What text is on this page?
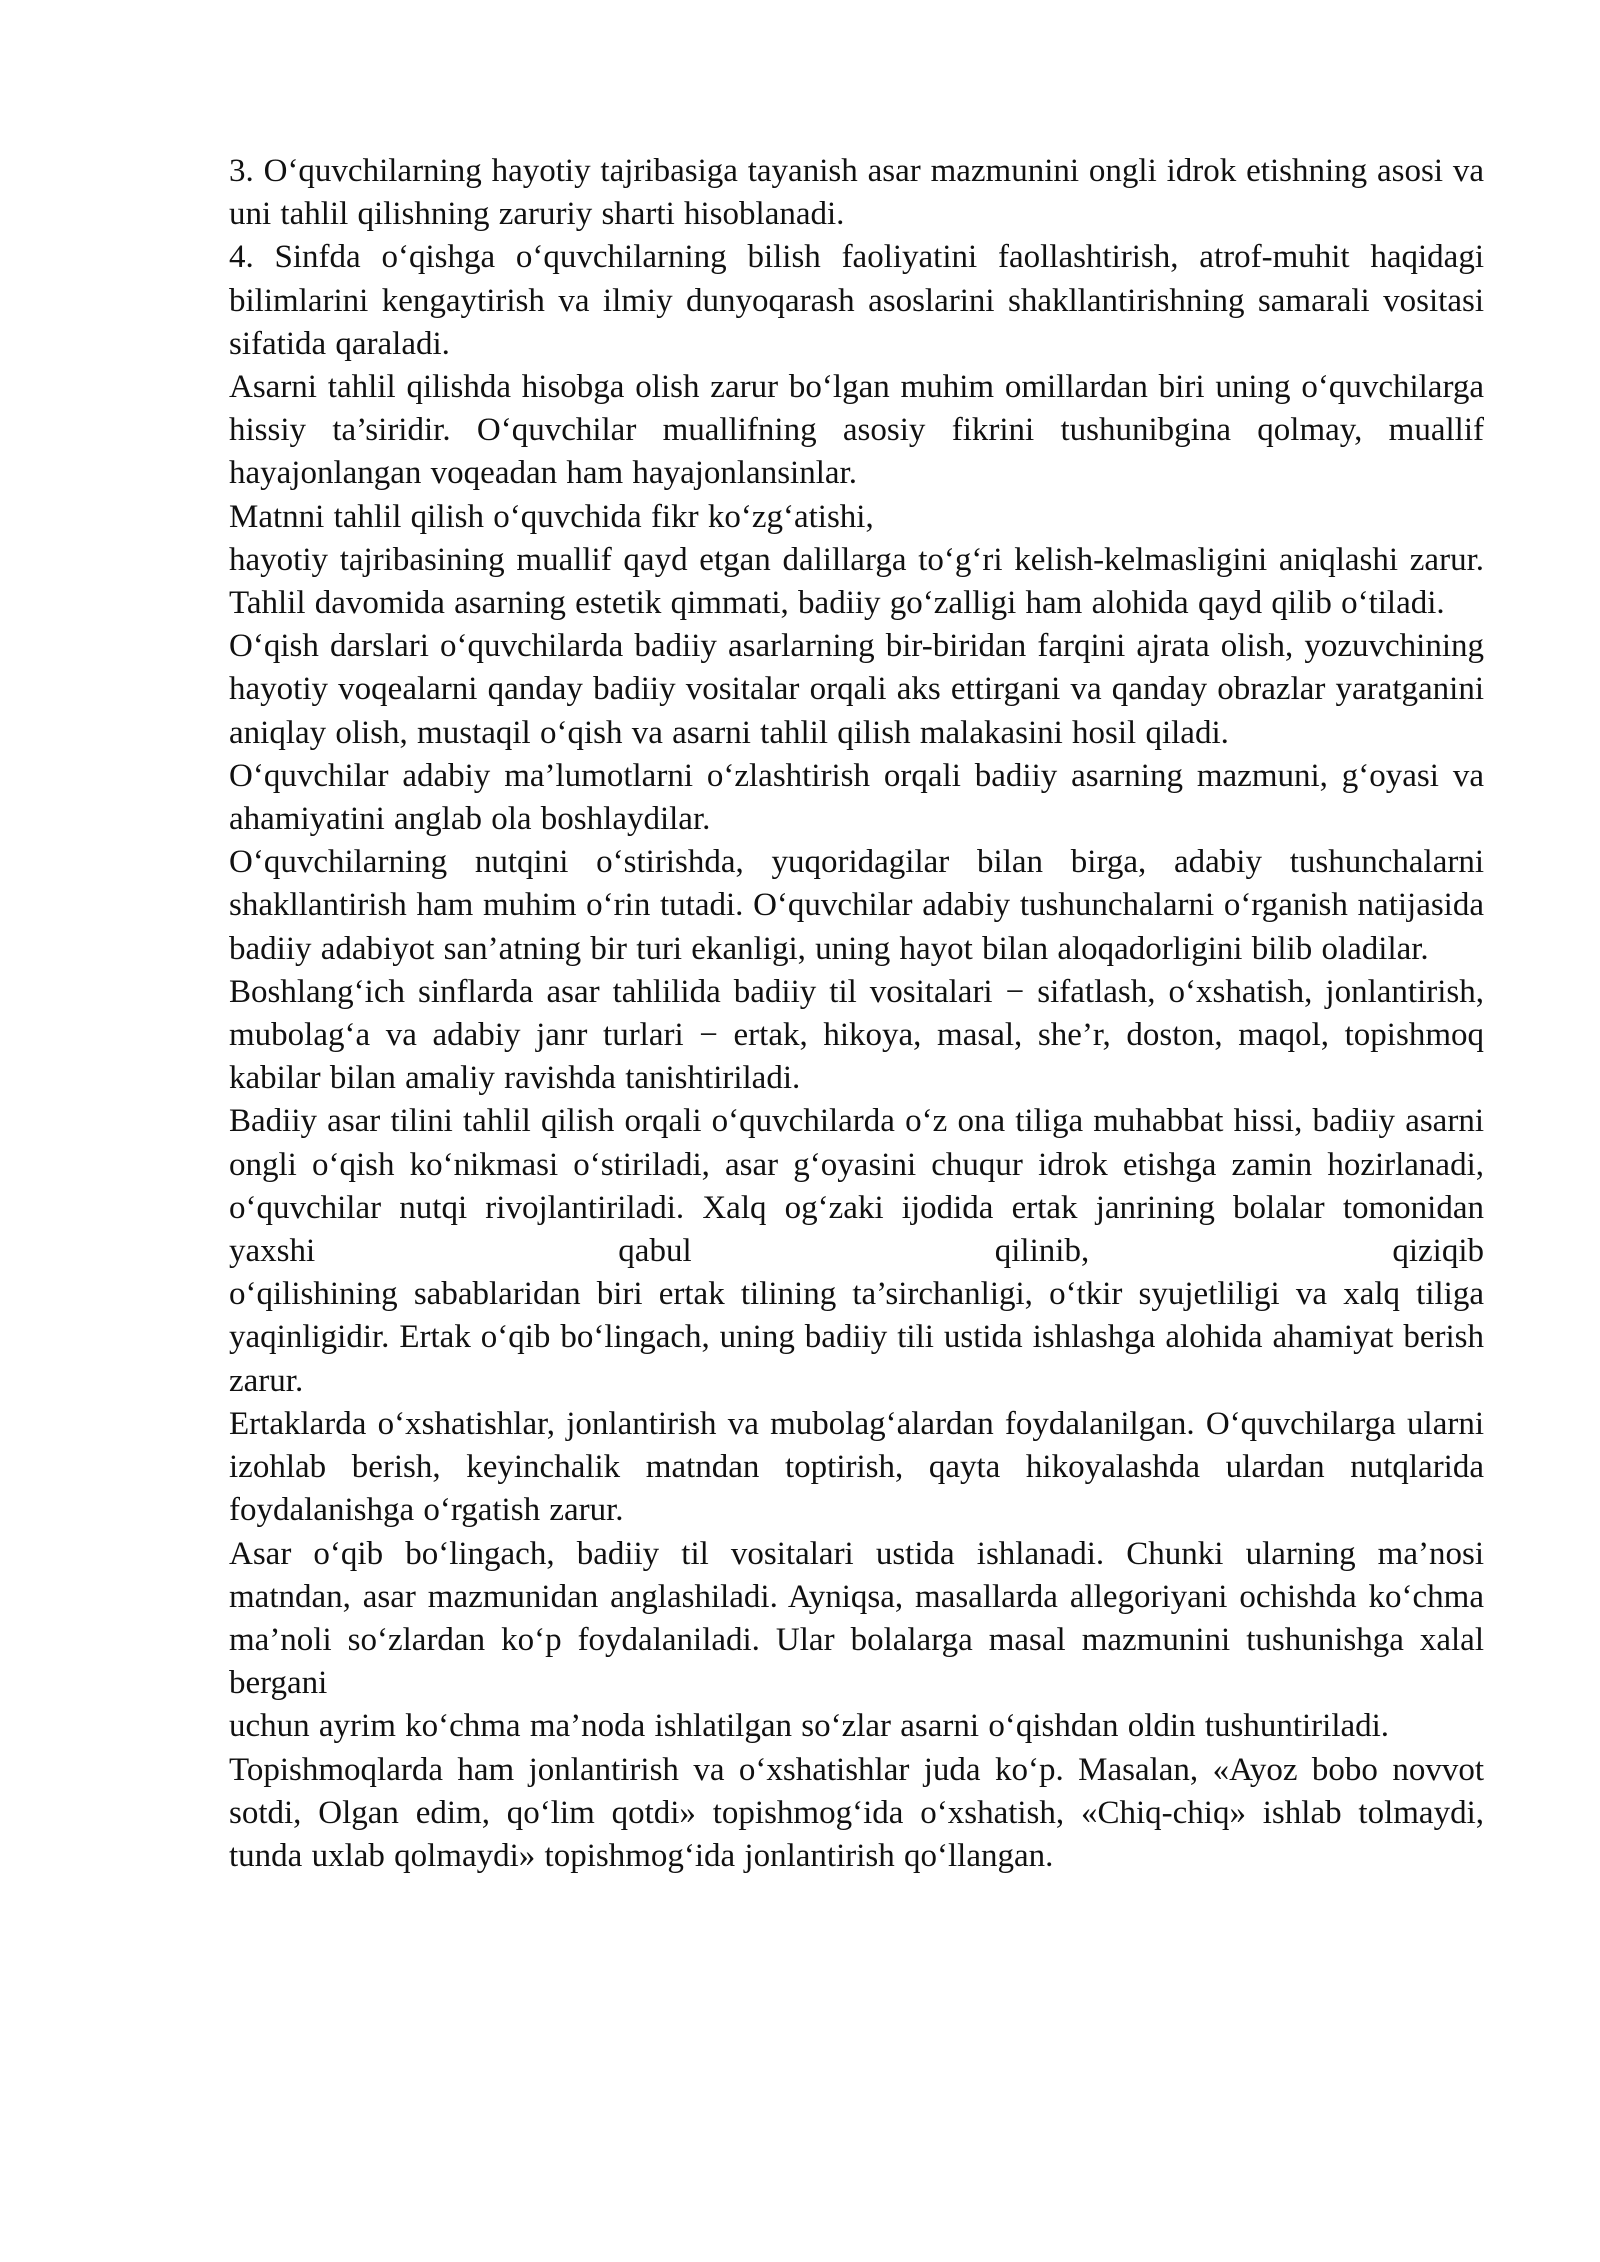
3. O‘quvchilarning hayotiy tajribasiga tayanish asar mazmunini ongli idrok etishning asosi va uni tahlil qilishning zaruriy sharti hisoblanadi.

4. Sinfda o‘qishga o‘quvchilarning bilish faoliyatini faollashtirish, atrof-muhit haqidagi bilimlarini kengaytirish va ilmiy dunyoqarash asoslarini shakllantirishning samarali vositasi sifatida qaraladi.

Asarni tahlil qilishda hisobga olish zarur bo‘lgan muhim omillardan biri uning o‘quvchilarga hissiy ta’siridir. O‘quvchilar muallifning asosiy fikrini tushunibgina qolmay, muallif hayajonlangan voqeadan ham hayajonlansinlar.

Matnni tahlil qilish o‘quvchida fikr ko‘zg‘atishi,

hayotiy tajribasining muallif qayd etgan dalillarga to‘g‘ri kelish-kelmasligini aniqlashi zarur. Tahlil davomida asarning estetik qimmati, badiiy go‘zalligi ham alohida qayd qilib o‘tiladi.

O‘qish darslari o‘quvchilarda badiiy asarlarning bir-biridan farqini ajrata olish, yozuvchining hayotiy voqealarni qanday badiiy vositalar orqali aks ettirgani va qanday obrazlar yaratganini aniqlay olish, mustaqil o‘qish va asarni tahlil qilish malakasini hosil qiladi.

O‘quvchilar adabiy ma’lumotlarni o‘zlashtirish orqali badiiy asarning mazmuni, g‘oyasi va ahamiyatini anglab ola boshlaydilar.

O‘quvchilarning nutqini o‘stirishda, yuqoridagilar bilan birga, adabiy tushunchalarni shakllantirish ham muhim o‘rin tutadi. O‘quvchilar adabiy tushunchalarni o‘rganish natijasida badiiy adabiyot san’atning bir turi ekanligi, uning hayot bilan aloqadorligini bilib oladilar.

Boshlang‘ich sinflarda asar tahlilida badiiy til vositalari − sifatlash, o‘xshatish, jonlantirish, mubolag‘a va adabiy janr turlari − ertak, hikoya, masal, she’r, doston, maqol, topishmoq kabilar bilan amaliy ravishda tanishtiriladi.

Badiiy asar tilini tahlil qilish orqali o‘quvchilarda o‘z ona tiliga muhabbat hissi, badiiy asarni ongli o‘qish ko‘nikmasi o‘stiriladi, asar g‘oyasini chuqur idrok etishga zamin hozirlanadi, o‘quvchilar nutqi rivojlantiriladi. Xalq og‘zaki ijodida ertak janrining bolalar tomonidan yaxshi qabul qilinib, qiziqib

o‘qilishining sabablaridan biri ertak tilining ta’sirchanligi, o‘tkir syujetliligi va xalq tiliga yaqinligidir. Ertak o‘qib bo‘lingach, uning badiiy tili ustida ishlashga alohida ahamiyat berish zarur.

Ertaklarda o‘xshatishlar, jonlantirish va mubolag‘alardan foydalanilgan. O‘quvchilarga ularni izohlab berish, keyinchalik matndan toptirish, qayta hikoyalashda ulardan nutqlarida foydalanishga o‘rgatish zarur.

Asar o‘qib bo‘lingach, badiiy til vositalari ustida ishlanadi. Chunki ularning ma’nosi matndan, asar mazmunidan anglashiladi. Ayniqsa, masallarda allegoriyani ochishda ko‘chma ma’noli so‘zlardan ko‘p foydalaniladi. Ular bolalarga masal mazmunini tushunishga xalal bergani

uchun ayrim ko‘chma ma’noda ishlatilgan so‘zlar asarni o‘qishdan oldin tushuntiriladi.

Topishmoqlarda ham jonlantirish va o‘xshatishlar juda ko‘p. Masalan, «Ayoz bobo novvot sotdi, Olgan edim, qo‘lim qotdi» topishmog‘ida o‘xshatish, «Chiq-chiq» ishlab tolmaydi, tunda uxlab qolmaydi» topishmog‘ida jonlantirish qo‘llangan.
